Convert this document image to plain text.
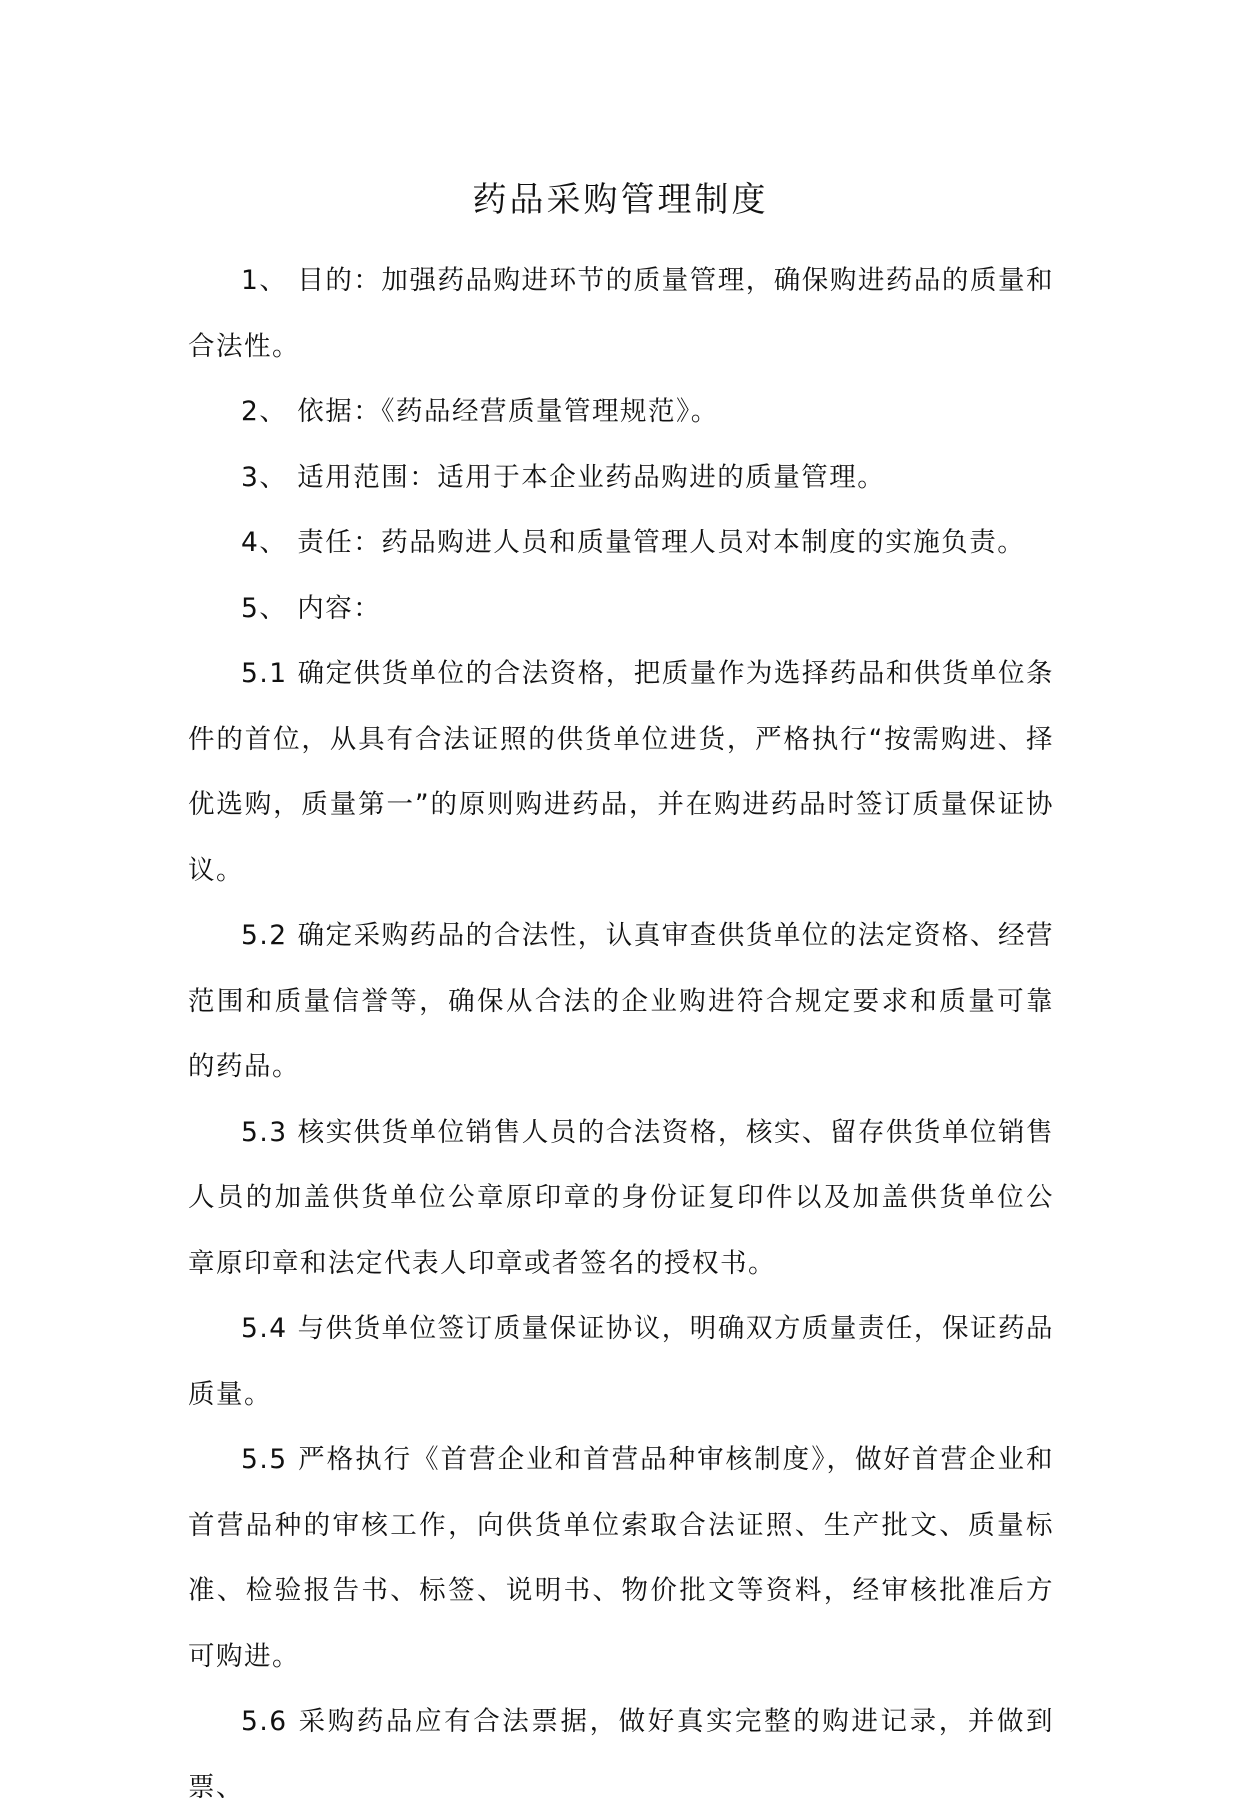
药品采购管理制度

1、 目的：加强药品购进环节的质量管理，确保购进药品的质量和合法性。

2、 依据：《药品经营质量管理规范》。

3、 适用范围：适用于本企业药品购进的质量管理。

4、 责任：药品购进人员和质量管理人员对本制度的实施负责。

5、 内容：

5.1 确定供货单位的合法资格，把质量作为选择药品和供货单位条件的首位，从具有合法证照的供货单位进货，严格执行“按需购进、择优选购，质量第一”的原则购进药品，并在购进药品时签订质量保证协议。

5.2 确定采购药品的合法性，认真审查供货单位的法定资格、经营范围和质量信誉等，确保从合法的企业购进符合规定要求和质量可靠的药品。

5.3 核实供货单位销售人员的合法资格，核实、留存供货单位销售人员的加盖供货单位公章原印章的身份证复印件以及加盖供货单位公章原印章和法定代表人印章或者签名的授权书。

5.4 与供货单位签订质量保证协议，明确双方质量责任，保证药品质量。

5.5 严格执行《首营企业和首营品种审核制度》，做好首营企业和首营品种的审核工作，向供货单位索取合法证照、生产批文、质量标准、检验报告书、标签、说明书、物价批文等资料，经审核批准后方可购进。

5.6 采购药品应有合法票据，做好真实完整的购进记录，并做到票、
